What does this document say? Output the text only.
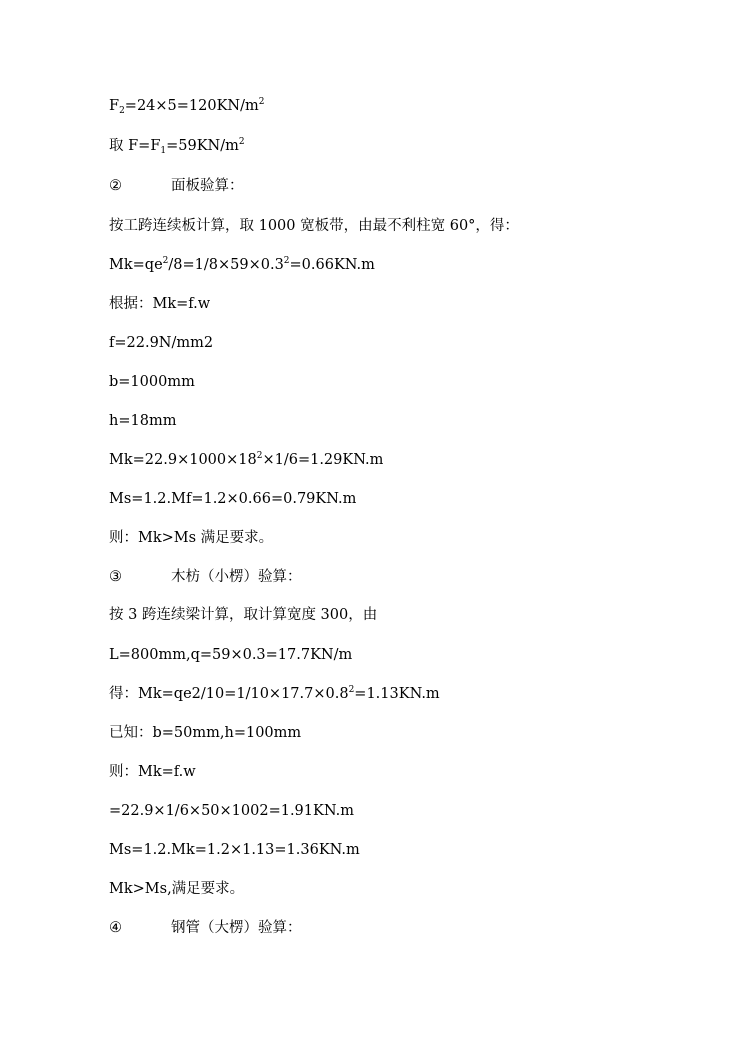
$F_2=24\times 5=120KN/m^2$
取 $F=F_1=59KN/m^2$
②	面板验算：
按工跨连续板计算，取 1000 宽板带，由最不利柱宽 60°，得：
$Mk=qe^2/8=1/8\times 59\times 0.3^2=0.66KN.m$
根据：Mk=f.w
f=22.9N/mm2
b=1000mm
h=18mm
$Mk=22.9\times 1000\times 18^2\times 1/6=1.29KN.m$
Ms=1.2.Mf=1.2×0.66=0.79KN.m
则：Mk>Ms 满足要求。
③	木枋（小楞）验算：
按 3 跨连续梁计算，取计算宽度 300，由
L=800mm,q=59×0.3=17.7KN/m
得：$Mk=qe2/10=1/10\times 17.7\times 0.8^2=1.13KN.m$
已知：b=50mm,h=100mm
则：Mk=f.w
=22.9×1/6×50×1002=1.91KN.m
Ms=1.2.Mk=1.2×1.13=1.36KN.m
Mk>Ms,满足要求。
④	钢管（大楞）验算：
